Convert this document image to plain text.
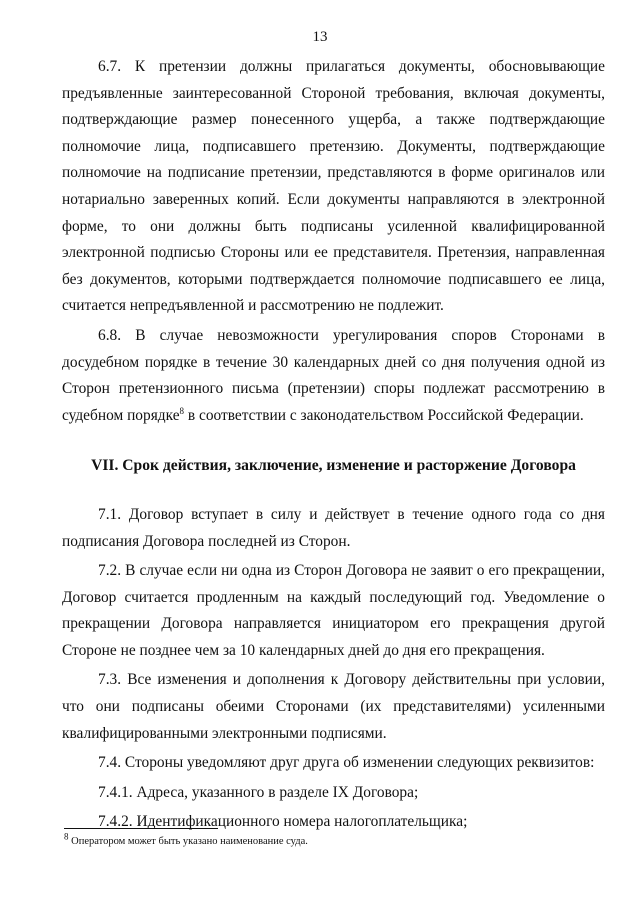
13

6.7. К претензии должны прилагаться документы, обосновывающие предъявленные заинтересованной Стороной требования, включая документы, подтверждающие размер понесенного ущерба, а также подтверждающие полномочие лица, подписавшего претензию. Документы, подтверждающие полномочие на подписание претензии, представляются в форме оригиналов или нотариально заверенных копий. Если документы направляются в электронной форме, то они должны быть подписаны усиленной квалифицированной электронной подписью Стороны или ее представителя. Претензия, направленная без документов, которыми подтверждается полномочие подписавшего ее лица, считается непредъявленной и рассмотрению не подлежит.

6.8. В случае невозможности урегулирования споров Сторонами в досудебном порядке в течение 30 календарных дней со дня получения одной из Сторон претензионного письма (претензии) споры подлежат рассмотрению в судебном порядке$^8$ в соответствии с законодательством Российской Федерации.

VII. Срок действия, заключение, изменение и расторжение Договора

7.1. Договор вступает в силу и действует в течение одного года со дня подписания Договора последней из Сторон.

7.2. В случае если ни одна из Сторон Договора не заявит о его прекращении, Договор считается продленным на каждый последующий год. Уведомление о прекращении Договора направляется инициатором его прекращения другой Стороне не позднее чем за 10 календарных дней до дня его прекращения.

7.3. Все изменения и дополнения к Договору действительны при условии, что они подписаны обеими Сторонами (их представителями) усиленными квалифицированными электронными подписями.

7.4. Стороны уведомляют друг друга об изменении следующих реквизитов:

7.4.1. Адреса, указанного в разделе IX Договора;

7.4.2. Идентификационного номера налогоплательщика;

$^8$ Оператором может быть указано наименование суда.
